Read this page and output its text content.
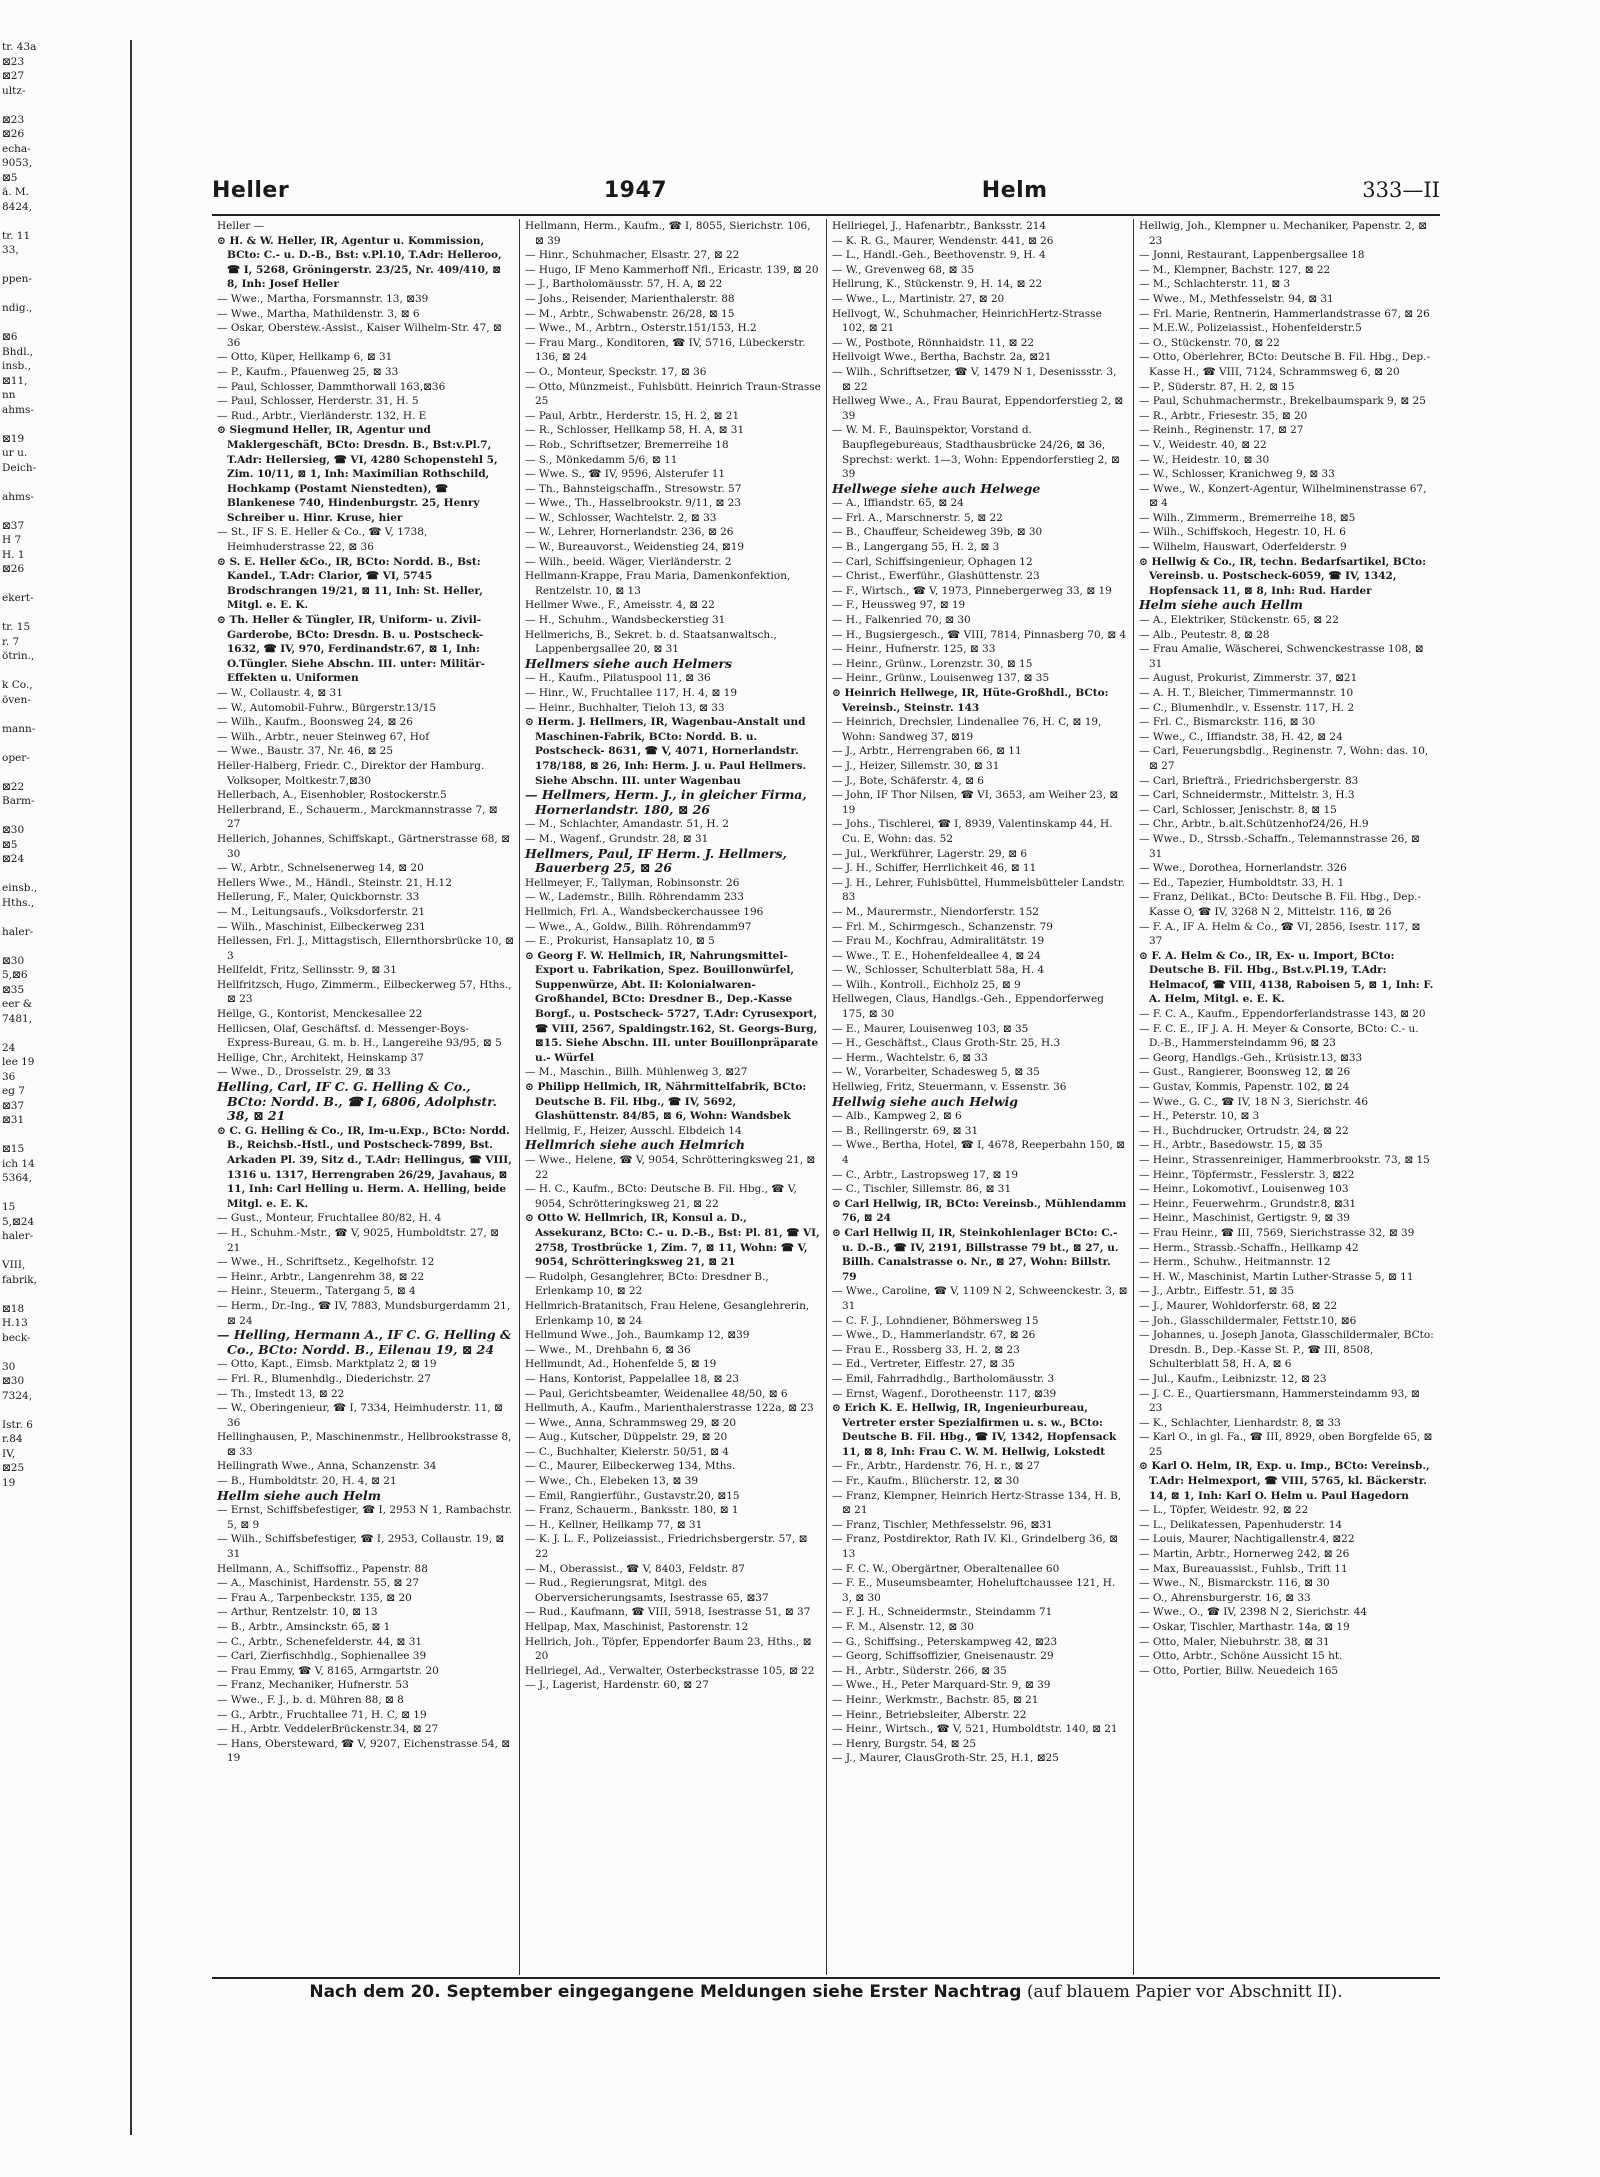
tr. 43a
⊠23
⊠27
ultz-

⊠23
⊠26
echa-
9053,
⊠5
ä. M.
8424,

tr. 11
33,

ppen-

ndig.,

⊠6
Bhdl.,
insb.,
⊠11,
nn
ahms-

⊠19
ur u.
Deich-

ahms-

⊠37
H 7
H. 1
⊠26

ekert-

tr. 15
r. 7
ötrin.,

k Co.,
öven-

mann-

oper-

⊠22
Barm-

⊠30
⊠5
⊠24

einsb.,
Hths.,

haler-

⊠30
5,⊠6
⊠35
eer &
7481,

24
lee 19
36
eg 7
⊠37
⊠31

⊠15
ich 14
5364,

15
5,⊠24
haler-

VIII,
fabrik,

⊠18
H.13
beck-

30
⊠30
7324,

Istr. 6
r.84
IV,
⊠25
19
Heller	1947	Helm	333—II
Heller —
⊙ H. & W. Heller, IR, Agentur u. Kommission, BCto: C.- u. D.-B., Bst: v.Pl.10, T.Adr: Helleroo, ☎ I, 5268, Gröningerstr. 23/25, Nr. 409/410, ⊠ 8, Inh: Josef Heller
— Wwe., Martha, Forsmannstr. 13, ⊠39
— Wwe., Martha, Mathildenstr. 3, ⊠ 6
— Oskar, Oberstew.-Assist., Kaiser Wilhelm-Str. 47, ⊠ 36
— Otto, Küper, Hellkamp 6, ⊠ 31
— P., Kaufm., Pfauenweg 25, ⊠ 33
— Paul, Schlosser, Dammthorwall 163,⊠36
— Paul, Schlosser, Herderstr. 31, H. 5
— Rud., Arbtr., Vierländerstr. 132, H. E
⊙ Siegmund Heller, IR, Agentur und Maklergeschäft, BCto: Dresdn. B., Bst:v.Pl.7, T.Adr: Hellersieg, ☎ VI, 4280 Schopenstehl 5, Zim. 10/11, ⊠ 1, Inh: Maximilian Rothschild, Hochkamp (Postamt Nienstedten), ☎ Blankenese 740, Hindenburgstr. 25, Henry Schreiber u. Hinr. Kruse, hier
— St., IF S. E. Heller & Co., ☎ V, 1738, Heimhuderstrasse 22, ⊠ 36
⊙ S. E. Heller &Co., IR, BCto: Nordd. B., Bst: Kandel., T.Adr: Clarior, ☎ VI, 5745 Brodschrangen 19/21, ⊠ 11, Inh: St. Heller, Mitgl. e. E. K.
⊙ Th. Heller & Tüngler, IR, Uniform- u. Zivil-Garderobe, BCto: Dresdn. B. u. Postscheck- 1632, ☎ IV, 970, Ferdinandstr.67, ⊠ 1, Inh: O.Tüngler. Siehe Abschn. III. unter: Militär-Effekten u. Uniformen
— W., Collaustr. 4, ⊠ 31
— W., Automobil-Fuhrw., Bürgerstr.13/15
— Wilh., Kaufm., Boonsweg 24, ⊠ 26
— Wilh., Arbtr., neuer Steinweg 67, Hof
— Wwe., Baustr. 37, Nr. 46, ⊠ 25
Heller-Halberg, Friedr. C., Direktor der Hamburg. Volksoper, Moltkestr.7,⊠30
Hellerbach, A., Eisenhobler, Rostockerstr.5
Hellerbrand, E., Schauerm., Marckmannstrasse 7, ⊠ 27
Hellerich, Johannes, Schiffskapt., Gärtnerstrasse 68, ⊠ 30
— W., Arbtr., Schnelsenerweg 14, ⊠ 20
Hellers Wwe., M., Händl., Steinstr. 21, H.12
Hellerung, F., Maler, Quickbornstr. 33
— M., Leitungsaufs., Volksdorferstr. 21
— Wilh., Maschinist, Eilbeckerweg 231
Hellessen, Frl. J., Mittagstisch, Ellernthorsbrücke 10, ⊠ 3
Hellfeldt, Fritz, Sellinsstr. 9, ⊠ 31
Hellfritzsch, Hugo, Zimmerm., Eilbeckerweg 57, Hths., ⊠ 23
Hellge, G., Kontorist, Menckesallee 22
Hellicsen, Olaf, Geschäftsf. d. Messenger-Boys-Express-Bureau, G. m. b. H., Langereihe 93/95, ⊠ 5
Hellige, Chr., Architekt, Heinskamp 37
— Wwe., D., Drosselstr. 29, ⊠ 33
Helling, Carl, IF C. G. Helling & Co., BCto: Nordd. B., ☎ I, 6806, Adolphstr. 38, ⊠ 21
⊙ C. G. Helling & Co., IR, Im-u.Exp., BCto: Nordd. B., Reichsb.-Hstl., und Postscheck-7899, Bst. Arkaden Pl. 39, Sitz d., T.Adr: Hellingus, ☎ VIII, 1316 u. 1317, Herrengraben 26/29, Javahaus, ⊠ 11, Inh: Carl Helling u. Herm. A. Helling, beide Mitgl. e. E. K.
— Gust., Monteur, Fruchtallee 80/82, H. 4
— H., Schuhm.-Mstr., ☎ V, 9025, Humboldtstr. 27, ⊠ 21
— Wwe., H., Schriftsetz., Kegelhofstr. 12
— Heinr., Arbtr., Langenrehm 38, ⊠ 22
— Heinr., Steuerm., Tatergang 5, ⊠ 4
— Herm., Dr.-Ing., ☎ IV, 7883, Mundsburgerdamm 21, ⊠ 24
— Helling, Hermann A., IF C. G. Helling & Co., BCto: Nordd. B., Eilenau 19, ⊠ 24
— Otto, Kapt., Eimsb. Marktplatz 2, ⊠ 19
— Frl. R., Blumenhdlg., Diederichstr. 27
— Th., Imstedt 13, ⊠ 22
— W., Oberingenieur, ☎ I, 7334, Heimhuderstr. 11, ⊠ 36
Hellinghausen, P., Maschinenmstr., Hellbrookstrasse 8, ⊠ 33
Hellingrath Wwe., Anna, Schanzenstr. 34
— B., Humboldtstr. 20, H. 4, ⊠ 21
Hellm siehe auch Helm
— Ernst, Schiffsbefestiger, ☎ I, 2953 N 1, Rambachstr. 5, ⊠ 9
— Wilh., Schiffsbefestiger, ☎ I, 2953, Collaustr. 19, ⊠ 31
Hellmann, A., Schiffsoffiz., Papenstr. 88
— A., Maschinist, Hardenstr. 55, ⊠ 27
— Frau A., Tarpenbeckstr. 135, ⊠ 20
— Arthur, Rentzelstr. 10, ⊠ 13
— B., Arbtr., Amsinckstr. 65, ⊠ 1
— C., Arbtr., Schenefelderstr. 44, ⊠ 31
— Carl, Zierfischhdlg., Sophienallee 39
— Frau Emmy, ☎ V, 8165, Armgartstr. 20
— Franz, Mechaniker, Hufnerstr. 53
— Wwe., F. J., b. d. Mühren 88, ⊠ 8
— G., Arbtr., Fruchtallee 71, H. C, ⊠ 19
— H., Arbtr. VeddelerBrückenstr.34, ⊠ 27
— Hans, Obersteward, ☎ V, 9207, Eichenstrasse 54, ⊠ 19
Hellmann, Herm., Kaufm., ☎ I, 8055, Sierichstr. 106, ⊠ 39
— Hinr., Schuhmacher, Elsastr. 27, ⊠ 22
— Hugo, IF Meno Kammerhoff Nfl., Ericastr. 139, ⊠ 20
— J., Bartholomäusstr. 57, H. A, ⊠ 22
— Johs., Reisender, Marienthalerstr. 88
— M., Arbtr., Schwabenstr. 26/28, ⊠ 15
— Wwe., M., Arbtrn., Osterstr.151/153, H.2
— Frau Marg., Konditoren, ☎ IV, 5716, Lübeckerstr. 136, ⊠ 24
— O., Monteur, Speckstr. 17, ⊠ 36
— Otto, Münzmeist., Fuhlsbütt. Heinrich Traun-Strasse 25
— Paul, Arbtr., Herderstr. 15, H. 2, ⊠ 21
— R., Schlosser, Hellkamp 58, H. A, ⊠ 31
— Rob., Schriftsetzer, Bremerreihe 18
— S., Mönkedamm 5/6, ⊠ 11
— Wwe. S., ☎ IV, 9596, Alsterufer 11
— Th., Bahnsteigschaffn., Stresowstr. 57
— Wwe., Th., Hasselbrookstr. 9/11, ⊠ 23
— W., Schlosser, Wachtelstr. 2, ⊠ 33
— W., Lehrer, Hornerlandstr. 236, ⊠ 26
— W., Bureauvorst., Weidenstieg 24, ⊠19
— Wilh., beeid. Wäger, Vierländerstr. 2
Hellmann-Krappe, Frau Maria, Damenkonfektion, Rentzelstr. 10, ⊠ 13
Hellmer Wwe., F., Ameisstr. 4, ⊠ 22
— H., Schuhm., Wandsbeckerstieg 31
Hellmerichs, B., Sekret. b. d. Staatsanwaltsch., Lappenbergsallee 20, ⊠ 31
Hellmers siehe auch Helmers
— H., Kaufm., Pilatuspool 11, ⊠ 36
— Hinr., W., Fruchtallee 117, H. 4, ⊠ 19
— Heinr., Buchhalter, Tieloh 13, ⊠ 33
⊙ Herm. J. Hellmers, IR, Wagenbau-Anstalt und Maschinen-Fabrik, BCto: Nordd. B. u. Postscheck- 8631, ☎ V, 4071, Hornerlandstr. 178/188, ⊠ 26, Inh: Herm. J. u. Paul Hellmers. Siehe Abschn. III. unter Wagenbau
— Hellmers, Herm. J., in gleicher Firma, Hornerlandstr. 180, ⊠ 26
— M., Schlachter, Amandastr. 51, H. 2
— M., Wagenf., Grundstr. 28, ⊠ 31
Hellmers, Paul, IF Herm. J. Hellmers, Bauerberg 25, ⊠ 26
Hellmeyer, F., Tallyman, Robinsonstr. 26
— W., Lademstr., Billh. Röhrendamm 233
Hellmich, Frl. A., Wandsbeckerchaussee 196
— Wwe., A., Goldw., Billh. Röhrendamm97
— E., Prokurist, Hansaplatz 10, ⊠ 5
⊙ Georg F. W. Hellmich, IR, Nahrungsmittel-Export u. Fabrikation, Spez. Bouillonwürfel, Suppenwürze, Abt. II: Kolonialwaren-Großhandel, BCto: Dresdner B., Dep.-Kasse Borgf., u. Postscheck- 5727, T.Adr: Cyrusexport, ☎ VIII, 2567, Spaldingstr.162, St. Georgs-Burg, ⊠15. Siehe Abschn. III. unter Bouillonpräparate u.- Würfel
— M., Maschin., Billh. Mühlenweg 3, ⊠27
⊙ Philipp Hellmich, IR, Nährmittelfabrik, BCto: Deutsche B. Fil. Hbg., ☎ IV, 5692, Glashüttenstr. 84/85, ⊠ 6, Wohn: Wandsbek
Hellmig, F., Heizer, Ausschl. Elbdeich 14
Hellmrich siehe auch Helmrich
— Wwe., Helene, ☎ V, 9054, Schrötteringksweg 21, ⊠ 22
— H. C., Kaufm., BCto: Deutsche B. Fil. Hbg., ☎ V, 9054, Schrötteringksweg 21, ⊠ 22
⊙ Otto W. Hellmrich, IR, Konsul a. D., Assekuranz, BCto: C.- u. D.-B., Bst: Pl. 81, ☎ VI, 2758, Trostbrücke 1, Zim. 7, ⊠ 11, Wohn: ☎ V, 9054, Schrötteringksweg 21, ⊠ 21
— Rudolph, Gesanglehrer, BCto: Dresdner B., Erlenkamp 10, ⊠ 22
Hellmrich-Bratanitsch, Frau Helene, Gesanglehrerin, Erlenkamp 10, ⊠ 24
Hellmund Wwe., Joh., Baumkamp 12, ⊠39
— Wwe., M., Drehbahn 6, ⊠ 36
Hellmundt, Ad., Hohenfelde 5, ⊠ 19
— Hans, Kontorist, Pappelallee 18, ⊠ 23
— Paul, Gerichtsbeamter, Weidenallee 48/50, ⊠ 6
Hellmuth, A., Kaufm., Marienthalerstrasse 122a, ⊠ 23
— Wwe., Anna, Schrammsweg 29, ⊠ 20
— Aug., Kutscher, Düppelstr. 29, ⊠ 20
— C., Buchhalter, Kielerstr. 50/51, ⊠ 4
— C., Maurer, Eilbeckerweg 134, Mths.
— Wwe., Ch., Elebeken 13, ⊠ 39
— Emil, Rangierführ., Gustavstr.20, ⊠15
— Franz, Schauerm., Banksstr. 180, ⊠ 1
— H., Kellner, Hellkamp 77, ⊠ 31
— K. J. L. F., Polizeiassist., Friedrichsbergerstr. 57, ⊠ 22
— M., Oberassist., ☎ V, 8403, Feldstr. 87
— Rud., Regierungsrat, Mitgl. des Oberversicherungsamts, Isestrasse 65, ⊠37
— Rud., Kaufmann, ☎ VIII, 5918, Isestrasse 51, ⊠ 37
Hellpap, Max, Maschinist, Pastorenstr. 12
Hellrich, Joh., Töpfer, Eppendorfer Baum 23, Hths., ⊠ 20
Hellriegel, Ad., Verwalter, Osterbeckstrasse 105, ⊠ 22
— J., Lagerist, Hardenstr. 60, ⊠ 27
Hellriegel, J., Hafenarbtr., Banksstr. 214
— K. R. G., Maurer, Wendenstr. 441, ⊠ 26
— L., Handl.-Geh., Beethovenstr. 9, H. 4
— W., Grevenweg 68, ⊠ 35
Hellrung, K., Stückenstr. 9, H. 14, ⊠ 22
— Wwe., L., Martinistr. 27, ⊠ 20
Hellvogt, W., Schuhmacher, HeinrichHertz-Strasse 102, ⊠ 21
— W., Postbote, Rönnhaidstr. 11, ⊠ 22
Hellvoigt Wwe., Bertha, Bachstr. 2a, ⊠21
— Wilh., Schriftsetzer, ☎ V, 1479 N 1, Desenissstr. 3, ⊠ 22
Hellweg Wwe., A., Frau Baurat, Eppendorferstieg 2, ⊠ 39
— W. M. F., Bauinspektor, Vorstand d. Baupflegebureaus, Stadthausbrücke 24/26, ⊠ 36, Sprechst: werkt. 1—3, Wohn: Eppendorferstieg 2, ⊠ 39
Hellwege siehe auch Helwege
— A., Iffiandstr. 65, ⊠ 24
— Frl. A., Marschnerstr. 5, ⊠ 22
— B., Chauffeur, Scheideweg 39b, ⊠ 30
— B., Langergang 55, H. 2, ⊠ 3
— Carl, Schiffsingenieur, Ophagen 12
— Christ., Ewerführ., Glashüttenstr. 23
— F., Wirtsch., ☎ V, 1973, Pinnebergerweg 33, ⊠ 19
— F., Heussweg 97, ⊠ 19
— H., Falkenried 70, ⊠ 30
— H., Bugsiergesch., ☎ VIII, 7814, Pinnasberg 70, ⊠ 4
— Heinr., Hufnerstr. 125, ⊠ 33
— Heinr., Grünw., Lorenzstr. 30, ⊠ 15
— Heinr., Grünw., Louisenweg 137, ⊠ 35
⊙ Heinrich Hellwege, IR, Hüte-Großhdl., BCto: Vereinsb., Steinstr. 143
— Heinrich, Drechsler, Lindenallee 76, H. C, ⊠ 19, Wohn: Sandweg 37, ⊠19
— J., Arbtr., Herrengraben 66, ⊠ 11
— J., Heizer, Sillemstr. 30, ⊠ 31
— J., Bote, Schäferstr. 4, ⊠ 6
— John, IF Thor Nilsen, ☎ VI, 3653, am Weiher 23, ⊠ 19
— Johs., Tischlerei, ☎ I, 8939, Valentinskamp 44, H. Cu. E, Wohn: das. 52
— Jul., Werkführer, Lagerstr. 29, ⊠ 6
— J. H., Schiffer, Herrlichkeit 46, ⊠ 11
— J. H., Lehrer, Fuhlsbüttel, Hummelsbütteler Landstr. 83
— M., Maurermstr., Niendorferstr. 152
— Frl. M., Schirmgesch., Schanzenstr. 79
— Frau M., Kochfrau, Admiralitätstr. 19
— Wwe., T. E., Hohenfeldeallee 4, ⊠ 24
— W., Schlosser, Schulterblatt 58a, H. 4
— Wilh., Kontroll., Eichholz 25, ⊠ 9
Hellwegen, Claus, Handlgs.-Geh., Eppendorferweg 175, ⊠ 30
— E., Maurer, Louisenweg 103, ⊠ 35
— H., Geschäftst., Claus Groth-Str. 25, H.3
— Herm., Wachtelstr. 6, ⊠ 33
— W., Vorarbeiter, Schadesweg 5, ⊠ 35
Hellwieg, Fritz, Steuermann, v. Essenstr. 36
Hellwig siehe auch Helwig
— Alb., Kampweg 2, ⊠ 6
— B., Rellingerstr. 69, ⊠ 31
— Wwe., Bertha, Hotel, ☎ I, 4678, Reeperbahn 150, ⊠ 4
— C., Arbtr., Lastropsweg 17, ⊠ 19
— C., Tischler, Sillemstr. 86, ⊠ 31
⊙ Carl Hellwig, IR, BCto: Vereinsb., Mühlendamm 76, ⊠ 24
⊙ Carl Hellwig II, IR, Steinkohlenlager BCto: C.- u. D.-B., ☎ IV, 2191, Billstrasse 79 bt., ⊠ 27, u. Billh. Canalstrasse o. Nr., ⊠ 27, Wohn: Billstr. 79
— Wwe., Caroline, ☎ V, 1109 N 2, Schweenckestr. 3, ⊠ 31
— C. F. J., Lohndiener, Böhmersweg 15
— Wwe., D., Hammerlandstr. 67, ⊠ 26
— Frau E., Rossberg 33, H. 2, ⊠ 23
— Ed., Vertreter, Eiffestr. 27, ⊠ 35
— Emil, Fahrradhdlg., Bartholomäusstr. 3
— Ernst, Wagenf., Dorotheenstr. 117, ⊠39
⊙ Erich K. E. Hellwig, IR, Ingenieurbureau, Vertreter erster Spezialfirmen u. s. w., BCto: Deutsche B. Fil. Hbg., ☎ IV, 1342, Hopfensack 11, ⊠ 8, Inh: Frau C. W. M. Hellwig, Lokstedt
— Fr., Arbtr., Hardenstr. 76, H. r., ⊠ 27
— Fr., Kaufm., Blücherstr. 12, ⊠ 30
— Franz, Klempner, Heinrich Hertz-Strasse 134, H. B, ⊠ 21
— Franz, Tischler, Methfesselstr. 96, ⊠31
— Franz, Postdirektor, Rath IV. Kl., Grindelberg 36, ⊠ 13
— F. C. W., Obergärtner, Oberaltenallee 60
— F. E., Museumsbeamter, Hoheluftchaussee 121, H. 3, ⊠ 30
— F. J. H., Schneidermstr., Steindamm 71
— F. M., Alsenstr. 12, ⊠ 30
— G., Schiffsing., Peterskampweg 42, ⊠23
— Georg, Schiffsoffizier, Gneisenaustr. 29
— H., Arbtr., Süderstr. 266, ⊠ 35
— Wwe., H., Peter Marquard-Str. 9, ⊠ 39
— Heinr., Werkmstr., Bachstr. 85, ⊠ 21
— Heinr., Betriebsleiter, Alberstr. 22
— Heinr., Wirtsch., ☎ V, 521, Humboldtstr. 140, ⊠ 21
— Henry, Burgstr. 54, ⊠ 25
— J., Maurer, ClausGroth-Str. 25, H.1, ⊠25
Hellwig, Joh., Klempner u. Mechaniker, Papenstr. 2, ⊠ 23
— Jonni, Restaurant, Lappenbergsallee 18
— M., Klempner, Bachstr. 127, ⊠ 22
— M., Schlachterstr. 11, ⊠ 3
— Wwe., M., Methfesselstr. 94, ⊠ 31
— Frl. Marie, Rentnerin, Hammerlandstrasse 67, ⊠ 26
— M.E.W., Polizeiassist., Hohenfelderstr.5
— O., Stückenstr. 70, ⊠ 22
— Otto, Oberlehrer, BCto: Deutsche B. Fil. Hbg., Dep.-Kasse H., ☎ VIII, 7124, Schrammsweg 6, ⊠ 20
— P., Süderstr. 87, H. 2, ⊠ 15
— Paul, Schuhmachermstr., Brekelbaumspark 9, ⊠ 25
— R., Arbtr., Friesestr. 35, ⊠ 20
— Reinh., Reginenstr. 17, ⊠ 27
— V., Weidestr. 40, ⊠ 22
— W., Heidestr. 10, ⊠ 30
— W., Schlosser, Kranichweg 9, ⊠ 33
— Wwe., W., Konzert-Agentur, Wilhelminenstrasse 67, ⊠ 4
— Wilh., Zimmerm., Bremerreihe 18, ⊠5
— Wilh., Schiffskoch, Hegestr. 10, H. 6
— Wilhelm, Hauswart, Oderfelderstr. 9
⊙ Hellwig & Co., IR, techn. Bedarfsartikel, BCto: Vereinsb. u. Postscheck-6059, ☎ IV, 1342, Hopfensack 11, ⊠ 8, Inh: Rud. Harder
Helm siehe auch Hellm
— A., Elektriker, Stückenstr. 65, ⊠ 22
— Alb., Peutestr. 8, ⊠ 28
— Frau Amalie, Wäscherei, Schwenckestrasse 108, ⊠ 31
— August, Prokurist, Zimmerstr. 37, ⊠21
— A. H. T., Bleicher, Timmermannstr. 10
— C., Blumenhdlr., v. Essenstr. 117, H. 2
— Frl. C., Bismarckstr. 116, ⊠ 30
— Wwe., C., Iffiandstr. 38, H. 42, ⊠ 24
— Carl, Feuerungsbdlg., Reginenstr. 7, Wohn: das. 10, ⊠ 27
— Carl, Briefträ., Friedrichsbergerstr. 83
— Carl, Schneidermstr., Mittelstr. 3, H.3
— Carl, Schlosser, Jenischstr. 8, ⊠ 15
— Chr., Arbtr., b.alt.Schützenhof24/26, H.9
— Wwe., D., Strssb.-Schaffn., Telemannstrasse 26, ⊠ 31
— Wwe., Dorothea, Hornerlandstr. 326
— Ed., Tapezier, Humboldtstr. 33, H. 1
— Franz, Delikat., BCto: Deutsche B. Fil. Hbg., Dep.-Kasse O, ☎ IV, 3268 N 2, Mittelstr. 116, ⊠ 26
— F. A., IF A. Helm & Co., ☎ VI, 2856, Isestr. 117, ⊠ 37
⊙ F. A. Helm & Co., IR, Ex- u. Import, BCto: Deutsche B. Fil. Hbg., Bst.v.Pl.19, T.Adr: Helmacof, ☎ VIII, 4138, Raboisen 5, ⊠ 1, Inh: F. A. Helm, Mitgl. e. E. K.
— F. C. A., Kaufm., Eppendorferlandstrasse 143, ⊠ 20
— F. C. E., IF J. A. H. Meyer & Consorte, BCto: C.- u. D.-B., Hammersteindamm 96, ⊠ 23
— Georg, Handlgs.-Geh., Krüsistr.13, ⊠33
— Gust., Rangierer, Boonsweg 12, ⊠ 26
— Gustav, Kommis, Papenstr. 102, ⊠ 24
— Wwe., G. C., ☎ IV, 18 N 3, Sierichstr. 46
— H., Peterstr. 10, ⊠ 3
— H., Buchdrucker, Ortrudstr. 24, ⊠ 22
— H., Arbtr., Basedowstr. 15, ⊠ 35
— Heinr., Strassenreiniger, Hammerbrookstr. 73, ⊠ 15
— Heinr., Töpfermstr., Fesslerstr. 3, ⊠22
— Heinr., Lokomotivf., Louisenweg 103
— Heinr., Feuerwehrm., Grundstr.8, ⊠31
— Heinr., Maschinist, Gertigstr. 9, ⊠ 39
— Frau Heinr., ☎ III, 7569, Sierichstrasse 32, ⊠ 39
— Herm., Strassb.-Schaffn., Hellkamp 42
— Herm., Schuhw., Heitmannstr. 12
— H. W., Maschinist, Martin Luther-Strasse 5, ⊠ 11
— J., Arbtr., Eiffestr. 51, ⊠ 35
— J., Maurer, Wohldorferstr. 68, ⊠ 22
— Joh., Glasschildermaler, Fettstr.10, ⊠6
— Johannes, u. Joseph Janota, Glasschildermaler, BCto: Dresdn. B., Dep.-Kasse St. P., ☎ III, 8508, Schulterblatt 58, H. A, ⊠ 6
— Jul., Kaufm., Leibnizstr. 12, ⊠ 23
— J. C. E., Quartiersmann, Hammersteindamm 93, ⊠ 23
— K., Schlachter, Lienhardstr. 8, ⊠ 33
— Karl O., in gl. Fa., ☎ III, 8929, oben Borgfelde 65, ⊠ 25
⊙ Karl O. Helm, IR, Exp. u. Imp., BCto: Vereinsb., T.Adr: Helmexport, ☎ VIII, 5765, kl. Bäckerstr. 14, ⊠ 1, Inh: Karl O. Helm u. Paul Hagedorn
— L., Töpfer, Weidestr. 92, ⊠ 22
— L., Delikatessen, Papenhuderstr. 14
— Louis, Maurer, Nachtigallenstr.4, ⊠22
— Martin, Arbtr., Hornerweg 242, ⊠ 26
— Max, Bureauassist., Fuhlsb., Trift 11
— Wwe., N., Bismarckstr. 116, ⊠ 30
— O., Ahrensburgerstr. 16, ⊠ 33
— Wwe., O., ☎ IV, 2398 N 2, Sierichstr. 44
— Oskar, Tischler, Marthastr. 14a, ⊠ 19
— Otto, Maler, Niebuhrstr. 38, ⊠ 31
— Otto, Arbtr., Schöne Aussicht 15 ht.
— Otto, Portier, Billw. Neuedeich 165
Nach dem 20. September eingegangene Meldungen siehe Erster Nachtrag (auf blauem Papier vor Abschnitt II).
